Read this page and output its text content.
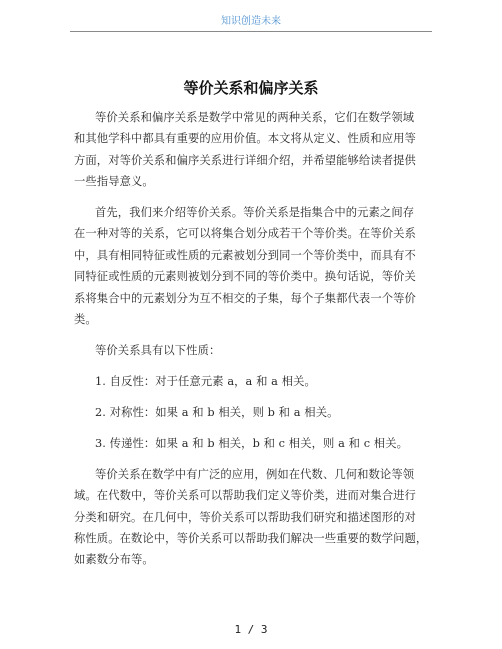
知识创造未来
等价关系和偏序关系
等价关系和偏序关系是数学中常见的两种关系，它们在数学领域
和其他学科中都具有重要的应用价值。本文将从定义、性质和应用等
方面，对等价关系和偏序关系进行详细介绍，并希望能够给读者提供
一些指导意义。
首先，我们来介绍等价关系。等价关系是指集合中的元素之间存
在一种对等的关系，它可以将集合划分成若干个等价类。在等价关系
中，具有相同特征或性质的元素被划分到同一个等价类中，而具有不
同特征或性质的元素则被划分到不同的等价类中。换句话说，等价关
系将集合中的元素划分为互不相交的子集，每个子集都代表一个等价
类。
等价关系具有以下性质：
1. 自反性：对于任意元素 a，a 和 a 相关。
2. 对称性：如果 a 和 b 相关，则 b 和 a 相关。
3. 传递性：如果 a 和 b 相关，b 和 c 相关，则 a 和 c 相关。
等价关系在数学中有广泛的应用，例如在代数、几何和数论等领
域。在代数中，等价关系可以帮助我们定义等价类，进而对集合进行
分类和研究。在几何中，等价关系可以帮助我们研究和描述图形的对
称性质。在数论中，等价关系可以帮助我们解决一些重要的数学问题，
如素数分布等。
1 / 3
